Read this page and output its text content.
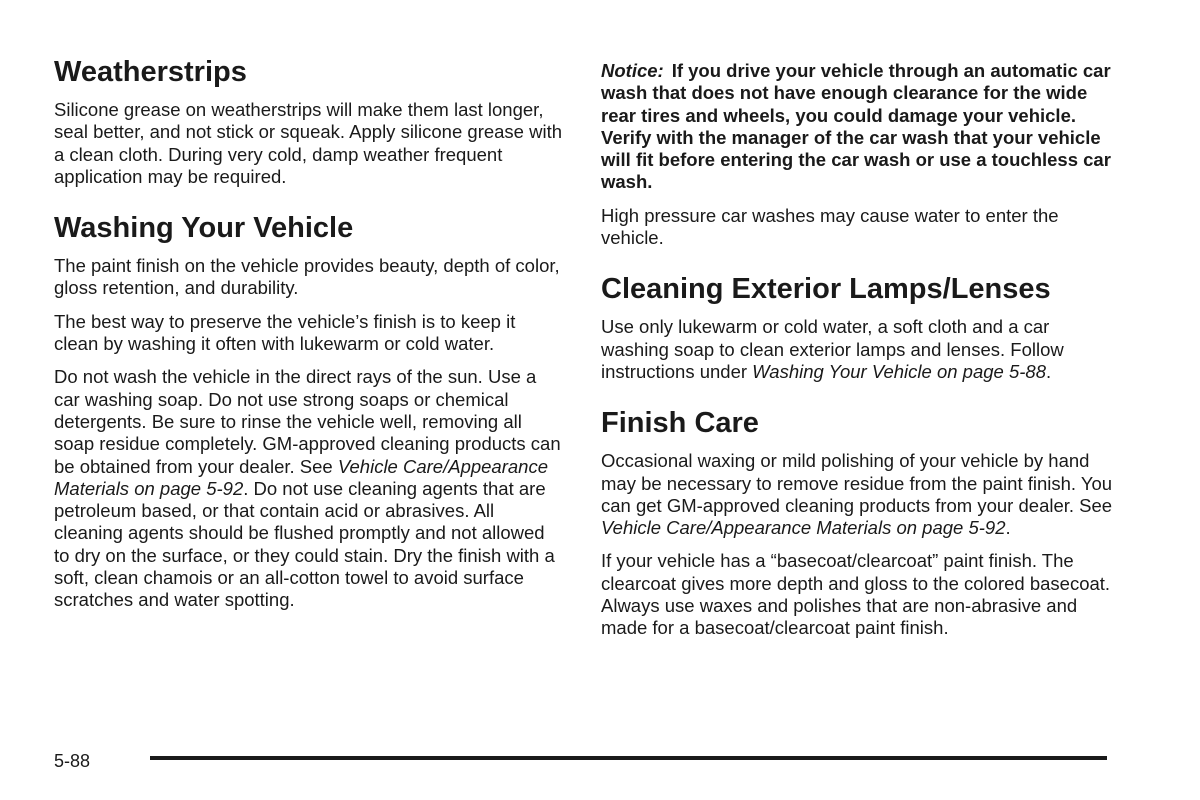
Weatherstrips

Silicone grease on weatherstrips will make them last longer, seal better, and not stick or squeak. Apply silicone grease with a clean cloth. During very cold, damp weather frequent application may be required.

Washing Your Vehicle

The paint finish on the vehicle provides beauty, depth of color, gloss retention, and durability.

The best way to preserve the vehicle’s finish is to keep it clean by washing it often with lukewarm or cold water.

Do not wash the vehicle in the direct rays of the sun. Use a car washing soap. Do not use strong soaps or chemical detergents. Be sure to rinse the vehicle well, removing all soap residue completely. GM-approved cleaning products can be obtained from your dealer. See Vehicle Care/Appearance Materials on page 5-92. Do not use cleaning agents that are petroleum based, or that contain acid or abrasives. All cleaning agents should be flushed promptly and not allowed to dry on the surface, or they could stain. Dry the finish with a soft, clean chamois or an all-cotton towel to avoid surface scratches and water spotting.

Notice: If you drive your vehicle through an automatic car wash that does not have enough clearance for the wide rear tires and wheels, you could damage your vehicle. Verify with the manager of the car wash that your vehicle will fit before entering the car wash or use a touchless car wash.

High pressure car washes may cause water to enter the vehicle.

Cleaning Exterior Lamps/Lenses

Use only lukewarm or cold water, a soft cloth and a car washing soap to clean exterior lamps and lenses. Follow instructions under Washing Your Vehicle on page 5-88.

Finish Care

Occasional waxing or mild polishing of your vehicle by hand may be necessary to remove residue from the paint finish. You can get GM-approved cleaning products from your dealer. See Vehicle Care/Appearance Materials on page 5-92.

If your vehicle has a “basecoat/clearcoat” paint finish. The clearcoat gives more depth and gloss to the colored basecoat. Always use waxes and polishes that are non-abrasive and made for a basecoat/clearcoat paint finish.

5-88
